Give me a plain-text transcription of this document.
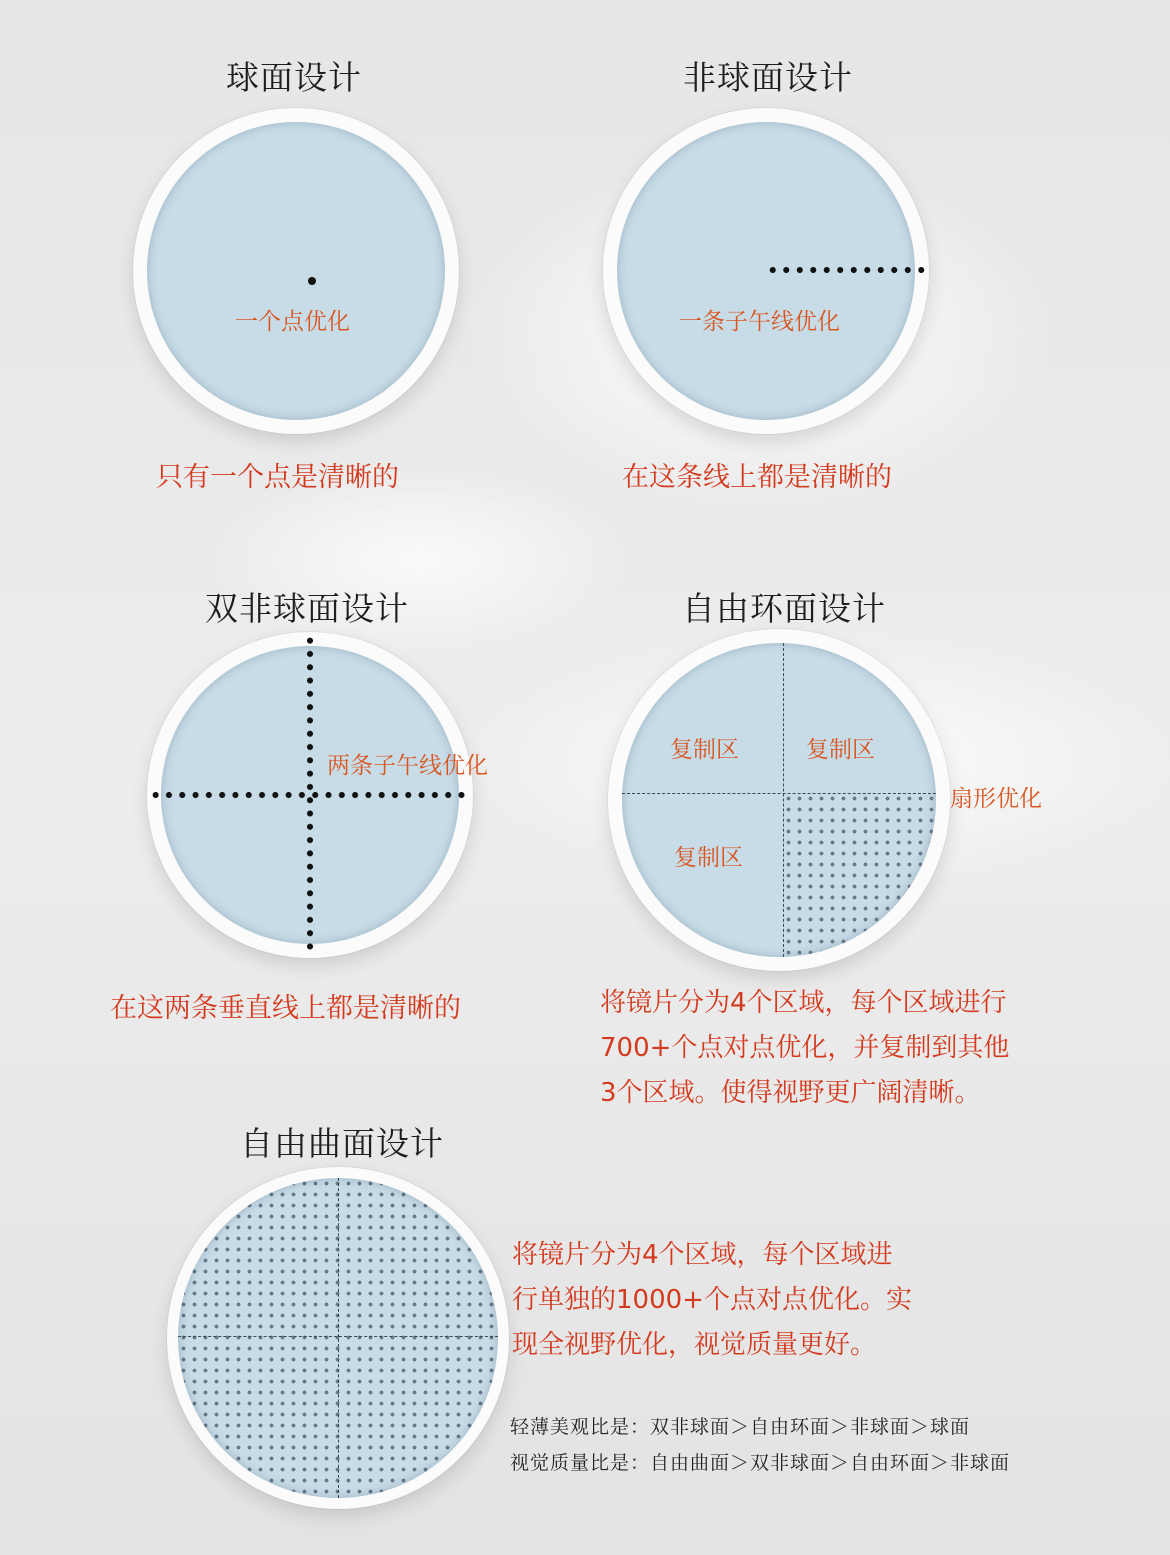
球面设计
一个点优化
只有一个点是清晰的
非球面设计
一条子午线优化
在这条线上都是清晰的
双非球面设计
两条子午线优化
在这两条垂直线上都是清晰的
自由环面设计
复制区	复制区
复制区
扇形优化
将镜片分为4个区域，每个区域进行
700+个点对点优化，并复制到其他
3个区域。使得视野更广阔清晰。
自由曲面设计
将镜片分为4个区域，每个区域进
行单独的1000+个点对点优化。实
现全视野优化，视觉质量更好。
轻薄美观比是：双非球面＞自由环面＞非球面＞球面
视觉质量比是：自由曲面＞双非球面＞自由环面＞非球面
